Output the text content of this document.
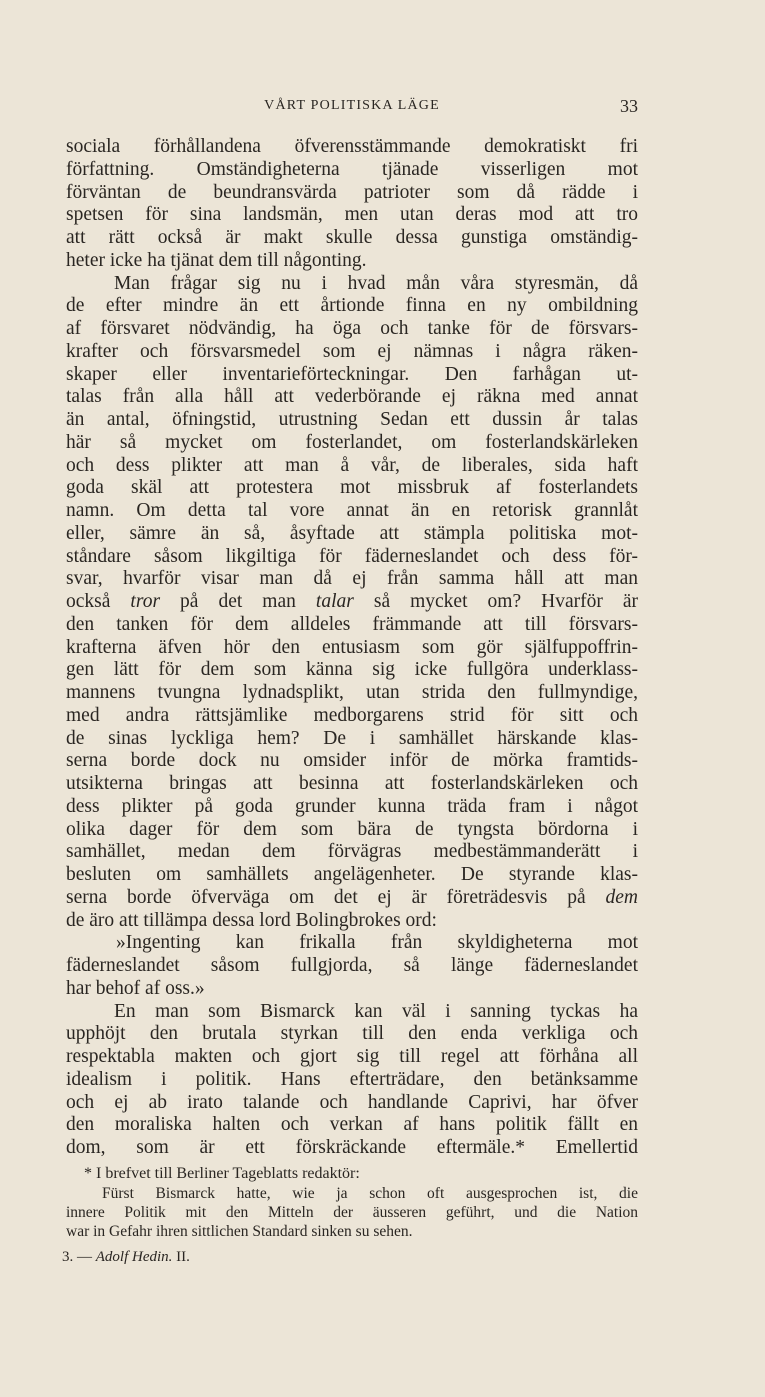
VÅRT POLITISKA LÄGE	33
sociala förhållandena öfverensstämmande demokratiskt fri
författning. Omständigheterna tjänade visserligen mot
förväntan de beundransvärda patrioter som då rädde i
spetsen för sina landsmän, men utan deras mod att tro
att rätt också är makt skulle dessa gunstiga omständig-
heter icke ha tjänat dem till någonting.
Man frågar sig nu i hvad mån våra styresmän, då
de efter mindre än ett årtionde finna en ny ombildning
af försvaret nödvändig, ha öga och tanke för de försvars-
krafter och försvarsmedel som ej nämnas i några räken-
skaper eller inventarieförteckningar. Den farhågan ut-
talas från alla håll att vederbörande ej räkna med annat
än antal, öfningstid, utrustning Sedan ett dussin år talas
här så mycket om fosterlandet, om fosterlandskärleken
och dess plikter att man å vår, de liberales, sida haft
goda skäl att protestera mot missbruk af fosterlandets
namn. Om detta tal vore annat än en retorisk grannlåt
eller, sämre än så, åsyftade att stämpla politiska mot-
ståndare såsom likgiltiga för fäderneslandet och dess för-
svar, hvarför visar man då ej från samma håll att man
också tror på det man talar så mycket om? Hvarför är
den tanken för dem alldeles främmande att till försvars-
krafterna äfven hör den entusiasm som gör själfuppoffrin-
gen lätt för dem som känna sig icke fullgöra underklass-
mannens tvungna lydnadsplikt, utan strida den fullmyndige,
med andra rättsjämlike medborgarens strid för sitt och
de sinas lyckliga hem? De i samhället härskande klas-
serna borde dock nu omsider inför de mörka framtids-
utsikterna bringas att besinna att fosterlandskärleken och
dess plikter på goda grunder kunna träda fram i något
olika dager för dem som bära de tyngsta bördorna i
samhället, medan dem förvägras medbestämmanderätt i
besluten om samhällets angelägenheter. De styrande klas-
serna borde öfverväga om det ej är företrädesvis på dem
de äro att tillämpa dessa lord Bolingbrokes ord:
»Ingenting kan frikalla från skyldigheterna mot
fäderneslandet såsom fullgjorda, så länge fäderneslandet
har behof af oss.»
En man som Bismarck kan väl i sanning tyckas ha
upphöjt den brutala styrkan till den enda verkliga och
respektabla makten och gjort sig till regel att förhåna all
idealism i politik. Hans efterträdare, den betänksamme
och ej ab irato talande och handlande Caprivi, har öfver
den moraliska halten och verkan af hans politik fällt en
dom, som är ett förskräckande eftermäle.* Emellertid
* I brefvet till Berliner Tageblatts redaktör:
Fürst Bismarck hatte, wie ja schon oft ausgesprochen ist, die
innere Politik mit den Mitteln der äusseren geführt, und die Nation
war in Gefahr ihren sittlichen Standard sinken su sehen.
3. — Adolf Hedin. II.
